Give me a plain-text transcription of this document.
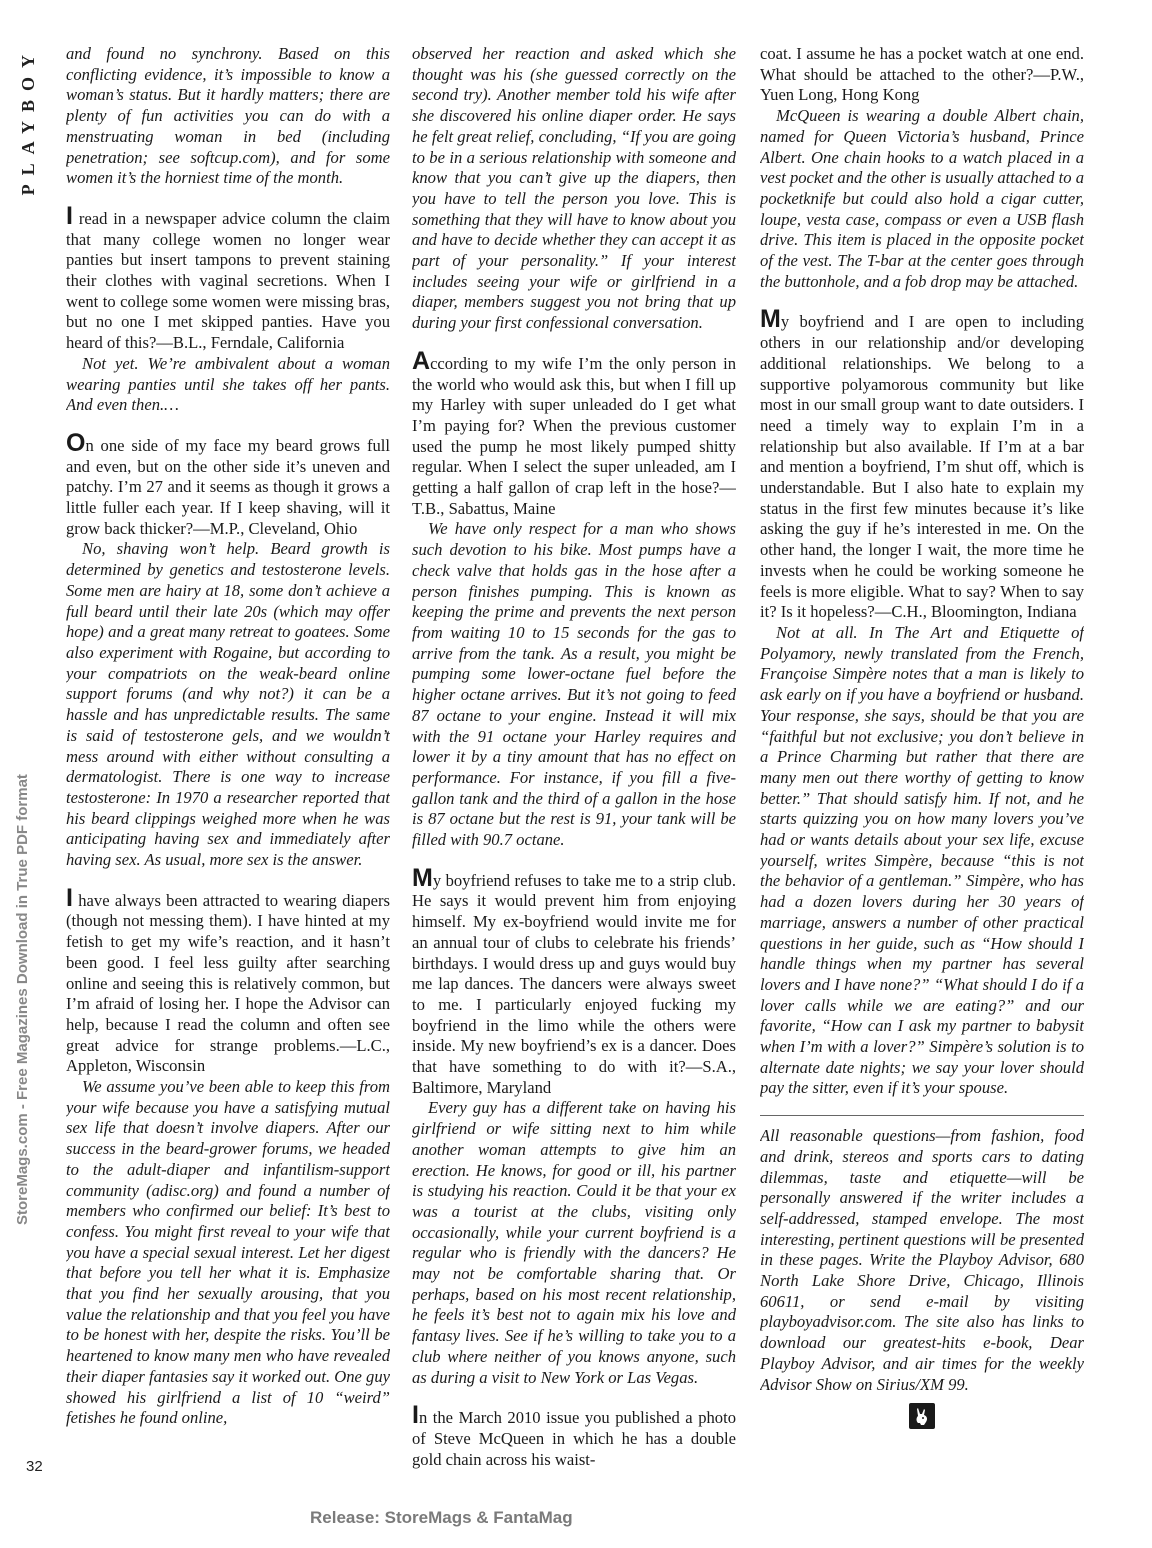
PLAYBOY
StoreMags.com - Free Magazines Download in True PDF format
32
Release: StoreMags & FantaMag

and found no synchrony. Based on this conflicting evidence, it’s impossible to know a woman’s status. But it hardly matters; there are plenty of fun activities you can do with a menstruating woman in bed (including penetration; see softcup.com), and for some women it’s the horniest time of the month.

I read in a newspaper advice column the claim that many college women no longer wear panties but insert tampons to prevent staining their clothes with vaginal secretions. When I went to college some women were missing bras, but no one I met skipped panties. Have you heard of this?—B.L., Ferndale, California

Not yet. We’re ambivalent about a woman wearing panties until she takes off her pants. And even then.…

On one side of my face my beard grows full and even, but on the other side it’s uneven and patchy. I’m 27 and it seems as though it grows a little fuller each year. If I keep shaving, will it grow back thicker?—M.P., Cleveland, Ohio

No, shaving won’t help. Beard growth is determined by genetics and testosterone levels. Some men are hairy at 18, some don’t achieve a full beard until their late 20s (which may offer hope) and a great many retreat to goatees. Some also experiment with Rogaine, but according to your compatriots on the weak-beard online support forums (and why not?) it can be a hassle and has unpredictable results. The same is said of testosterone gels, and we wouldn’t mess around with either without consulting a dermatologist. There is one way to increase testosterone: In 1970 a researcher reported that his beard clippings weighed more when he was anticipating having sex and immediately after having sex. As usual, more sex is the answer.

I have always been attracted to wearing diapers (though not messing them). I have hinted at my fetish to get my wife’s reaction, and it hasn’t been good. I feel less guilty after searching online and seeing this is relatively common, but I’m afraid of losing her. I hope the Advisor can help, because I read the column and often see great advice for strange problems.—L.C., Appleton, Wisconsin

We assume you’ve been able to keep this from your wife because you have a satisfying mutual sex life that doesn’t involve diapers. After our success in the beard-grower forums, we headed to the adult-diaper and infantilism-support community (adisc.org) and found a number of members who confirmed our belief: It’s best to confess. You might first reveal to your wife that you have a special sexual interest. Let her digest that before you tell her what it is. Emphasize that you find her sexually arousing, that you value the relationship and that you feel you have to be honest with her, despite the risks. You’ll be heartened to know many men who have revealed their diaper fantasies say it worked out. One guy showed his girlfriend a list of 10 “weird” fetishes he found online,

observed her reaction and asked which she thought was his (she guessed correctly on the second try). Another member told his wife after she discovered his online diaper order. He says he felt great relief, concluding, “If you are going to be in a serious relationship with someone and know that you can’t give up the diapers, then you have to tell the person you love. This is something that they will have to know about you and have to decide whether they can accept it as part of your personality.” If your interest includes seeing your wife or girlfriend in a diaper, members suggest you not bring that up during your first confessional conversation.

According to my wife I’m the only person in the world who would ask this, but when I fill up my Harley with super unleaded do I get what I’m paying for? When the previous customer used the pump he most likely pumped shitty regular. When I select the super unleaded, am I getting a half gallon of crap left in the hose?—T.B., Sabattus, Maine

We have only respect for a man who shows such devotion to his bike. Most pumps have a check valve that holds gas in the hose after a person finishes pumping. This is known as keeping the prime and prevents the next person from waiting 10 to 15 seconds for the gas to arrive from the tank. As a result, you might be pumping some lower-octane fuel before the higher octane arrives. But it’s not going to feed 87 octane to your engine. Instead it will mix with the 91 octane your Harley requires and lower it by a tiny amount that has no effect on performance. For instance, if you fill a five-gallon tank and the third of a gallon in the hose is 87 octane but the rest is 91, your tank will be filled with 90.7 octane.

My boyfriend refuses to take me to a strip club. He says it would prevent him from enjoying himself. My ex-boyfriend would invite me for an annual tour of clubs to celebrate his friends’ birthdays. I would dress up and guys would buy me lap dances. The dancers were always sweet to me. I particularly enjoyed fucking my boyfriend in the limo while the others were inside. My new boyfriend’s ex is a dancer. Does that have something to do with it?—S.A., Baltimore, Maryland

Every guy has a different take on having his girlfriend or wife sitting next to him while another woman attempts to give him an erection. He knows, for good or ill, his partner is studying his reaction. Could it be that your ex was a tourist at the clubs, visiting only occasionally, while your current boyfriend is a regular who is friendly with the dancers? He may not be comfortable sharing that. Or perhaps, based on his most recent relationship, he feels it’s best not to again mix his love and fantasy lives. See if he’s willing to take you to a club where neither of you knows anyone, such as during a visit to New York or Las Vegas.

In the March 2010 issue you published a photo of Steve McQueen in which he has a double gold chain across his waist-

coat. I assume he has a pocket watch at one end. What should be attached to the other?—P.W., Yuen Long, Hong Kong

McQueen is wearing a double Albert chain, named for Queen Victoria’s husband, Prince Albert. One chain hooks to a watch placed in a vest pocket and the other is usually attached to a pocketknife but could also hold a cigar cutter, loupe, vesta case, compass or even a USB flash drive. This item is placed in the opposite pocket of the vest. The T-bar at the center goes through the buttonhole, and a fob drop may be attached.

My boyfriend and I are open to including others in our relationship and/or developing additional relationships. We belong to a supportive polyamorous community but like most in our small group want to date outsiders. I need a timely way to explain I’m in a relationship but also available. If I’m at a bar and mention a boyfriend, I’m shut off, which is understandable. But I also hate to explain my status in the first few minutes because it’s like asking the guy if he’s interested in me. On the other hand, the longer I wait, the more time he invests when he could be working someone he feels is more eligible. What to say? When to say it? Is it hopeless?—C.H., Bloomington, Indiana

Not at all. In The Art and Etiquette of Polyamory, newly translated from the French, Françoise Simpère notes that a man is likely to ask early on if you have a boyfriend or husband. Your response, she says, should be that you are “faithful but not exclusive; you don’t believe in a Prince Charming but rather that there are many men out there worthy of getting to know better.” That should satisfy him. If not, and he starts quizzing you on how many lovers you’ve had or wants details about your sex life, excuse yourself, writes Simpère, because “this is not the behavior of a gentleman.” Simpère, who has had a dozen lovers during her 30 years of marriage, answers a number of other practical questions in her guide, such as “How should I handle things when my partner has several lovers and I have none?” “What should I do if a lover calls while we are eating?” and our favorite, “How can I ask my partner to babysit when I’m with a lover?” Simpère’s solution is to alternate date nights; we say your lover should pay the sitter, even if it’s your spouse.

All reasonable questions—from fashion, food and drink, stereos and sports cars to dating dilemmas, taste and etiquette—will be personally answered if the writer includes a self-addressed, stamped envelope. The most interesting, pertinent questions will be presented in these pages. Write the Playboy Advisor, 680 North Lake Shore Drive, Chicago, Illinois 60611, or send e-mail by visiting playboyadvisor.com. The site also has links to download our greatest-hits e-book, Dear Playboy Advisor, and air times for the weekly Advisor Show on Sirius/XM 99.
